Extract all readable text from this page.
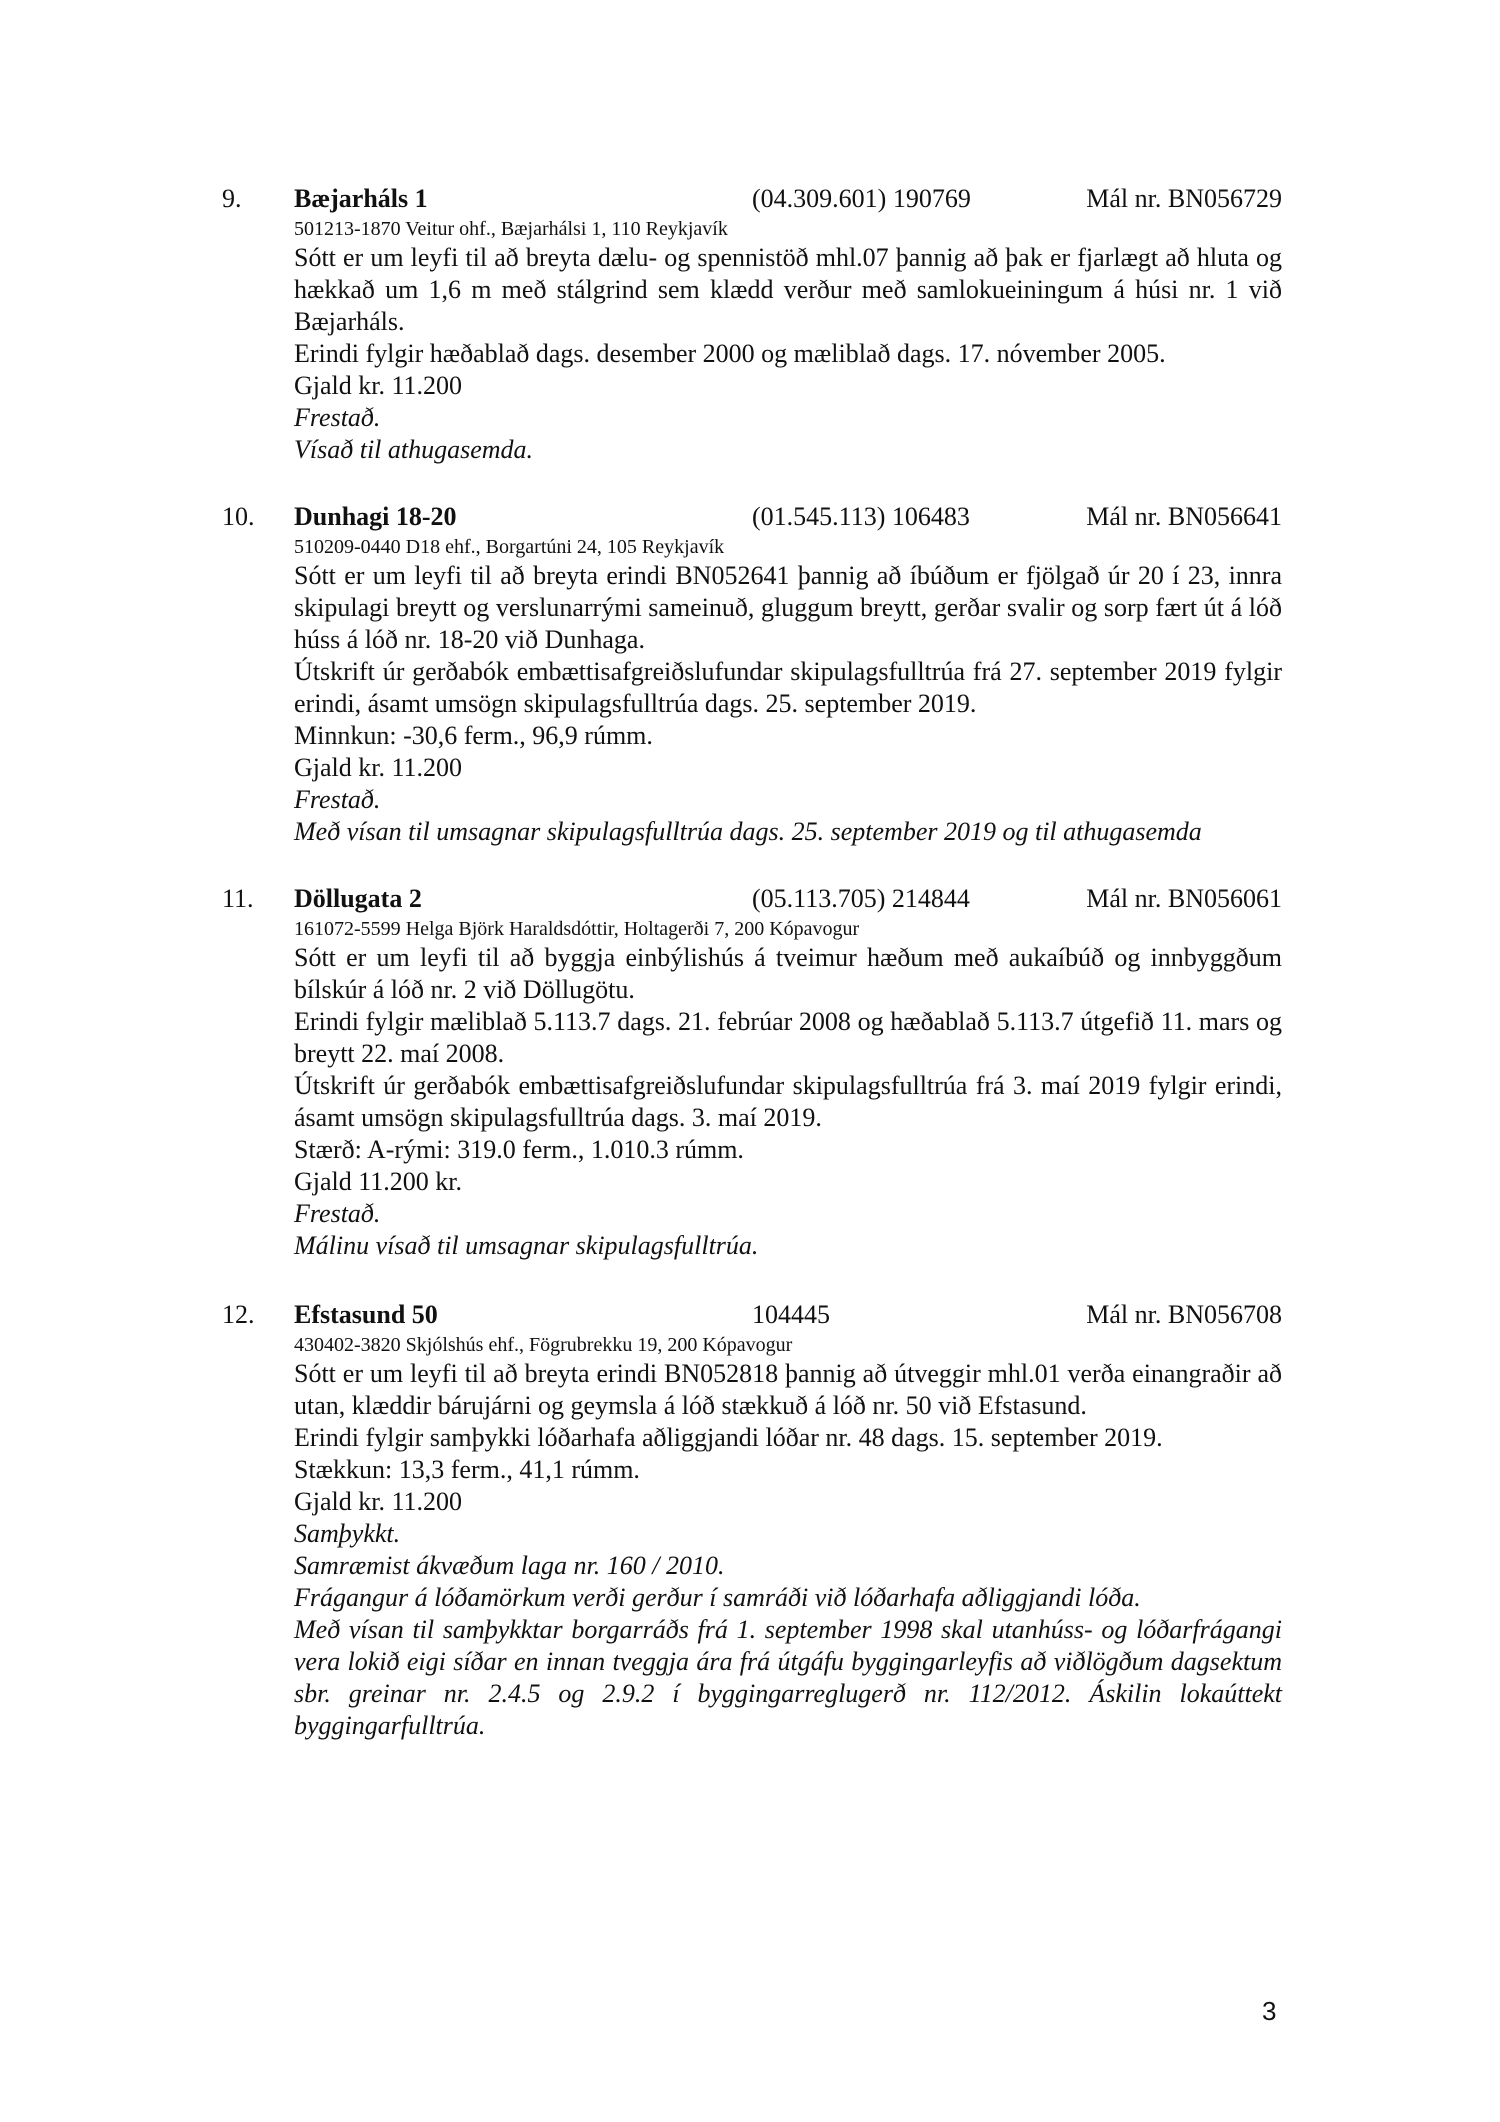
9. Bæjarháls 1	(04.309.601) 190769	Mál nr. BN056729
501213-1870 Veitur ohf., Bæjarhálsi 1, 110 Reykjavík
Sótt er um leyfi til að breyta dælu- og spennistöð mhl.07 þannig að þak er fjarlægt að hluta og hækkað um 1,6 m með stálgrind sem klædd verður með samlokueiningum á húsi nr. 1 við Bæjarháls.
Erindi fylgir hæðablað dags. desember 2000 og mæliblað dags. 17. nóvember 2005.
Gjald kr. 11.200
Frestað.
Vísað til athugasemda.
10. Dunhagi 18-20	(01.545.113) 106483	Mál nr. BN056641
510209-0440 D18 ehf., Borgartúni 24, 105 Reykjavík
Sótt er um leyfi til að breyta erindi BN052641 þannig að íbúðum er fjölgað úr 20 í 23, innra skipulagi breytt og verslunarrými sameinuð, gluggum breytt, gerðar svalir og sorp fært út á lóð húss á lóð nr. 18-20 við Dunhaga.
Útskrift úr gerðabók embættisafgreiðslufundar skipulagsfulltrúa frá 27. september 2019 fylgir erindi, ásamt umsögn skipulagsfulltrúa dags. 25. september 2019.
Minnkun: -30,6 ferm., 96,9 rúmm.
Gjald kr. 11.200
Frestað.
Með vísan til umsagnar skipulagsfulltrúa dags. 25. september 2019 og til athugasemda
11. Döllugata 2	(05.113.705) 214844	Mál nr. BN056061
161072-5599 Helga Björk Haraldsdóttir, Holtagerði 7, 200 Kópavogur
Sótt er um leyfi til að byggja einbýlishús á tveimur hæðum með aukaíbúð og innbyggðum bílskúr á lóð nr. 2 við Döllugötu.
Erindi fylgir mæliblað 5.113.7 dags. 21. febrúar 2008 og hæðablað 5.113.7 útgefið 11. mars og breytt 22. maí 2008.
Útskrift úr gerðabók embættisafgreiðslufundar skipulagsfulltrúa frá 3. maí 2019 fylgir erindi, ásamt umsögn skipulagsfulltrúa dags. 3. maí 2019.
Stærð: A-rými: 319.0 ferm., 1.010.3 rúmm.
Gjald 11.200 kr.
Frestað.
Málinu vísað til umsagnar skipulagsfulltrúa.
12. Efstasund 50	104445	Mál nr. BN056708
430402-3820 Skjólshús ehf., Fögrubrekku 19, 200 Kópavogur
Sótt er um leyfi til að breyta erindi BN052818 þannig að útveggir mhl.01 verða einangraðir að utan, klæddir bárujárni og geymsla á lóð stækkuð á lóð nr. 50 við Efstasund.
Erindi fylgir samþykki lóðarhafa aðliggjandi lóðar nr. 48 dags. 15. september 2019.
Stækkun: 13,3 ferm., 41,1 rúmm.
Gjald kr. 11.200
Samþykkt.
Samræmist ákvæðum laga nr. 160 / 2010.
Frágangur á lóðamörkum verði gerður í samráði við lóðarhafa aðliggjandi lóða.
Með vísan til samþykktar borgarráðs frá 1. september 1998 skal utanhúss- og lóðarfrágangi vera lokið eigi síðar en innan tveggja ára frá útgáfu byggingarleyfis að viðlögðum dagsektum sbr. greinar nr. 2.4.5 og 2.9.2 í byggingarreglugerð nr. 112/2012. Áskilin lokaúttekt byggingarfulltrúa.
3
